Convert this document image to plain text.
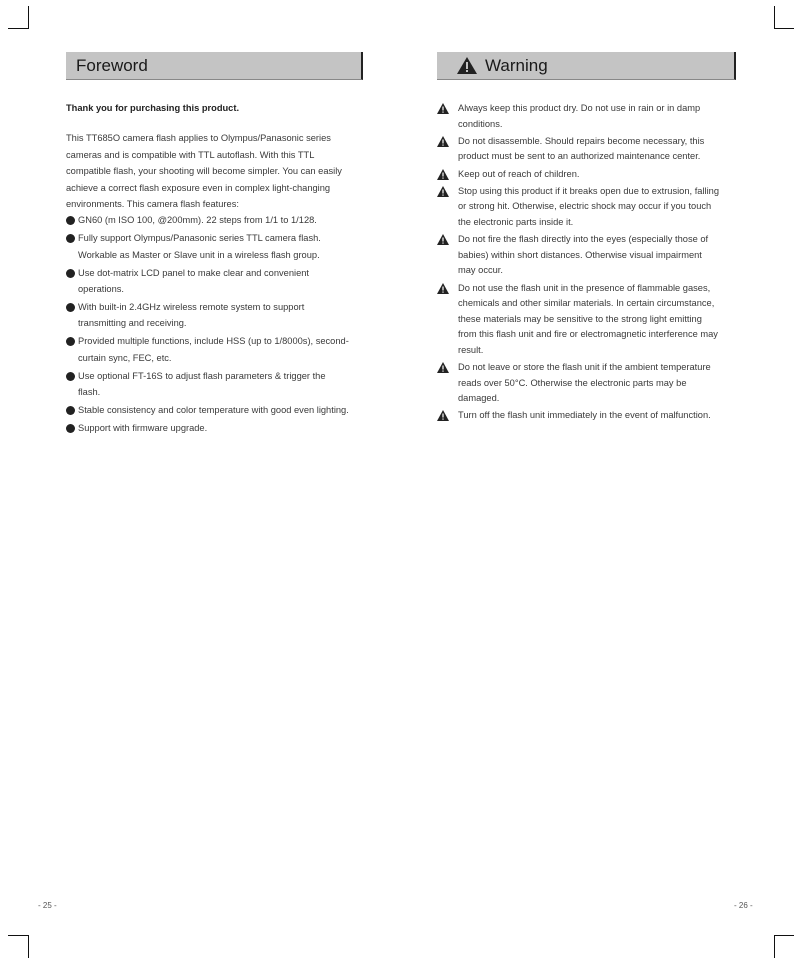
Foreword	Warning
Thank you for purchasing this product.
This TT685O camera flash applies to Olympus/Panasonic series
cameras and is compatible with TTL autoflash. With this TTL
compatible flash, your shooting will become simpler. You can easily
achieve a correct flash exposure even in complex light-changing
environments. This camera flash features:
GN60 (m ISO 100, @200mm). 22 steps from 1/1 to 1/128.
Fully support Olympus/Panasonic series TTL camera flash.
Workable as Master or Slave unit in a wireless flash group.
Use dot-matrix LCD panel to make clear and convenient
operations.
With built-in 2.4GHz wireless remote system to support
transmitting and receiving.
Provided multiple functions, include HSS (up to 1/8000s), second-
curtain sync, FEC, etc.
Use optional FT-16S to adjust flash parameters & trigger the
flash.
Stable consistency and color temperature with good even lighting.
Support with firmware upgrade.
Always keep this product dry. Do not use in rain or in damp
conditions.
Do not disassemble. Should repairs become necessary, this
product must be sent to an authorized maintenance center.
Keep out of reach of children.
Stop using this product if it breaks open due to extrusion, falling
or strong hit. Otherwise, electric shock may occur if you touch
the electronic parts inside it.
Do not fire the flash directly into the eyes (especially those of
babies) within short distances. Otherwise visual impairment
may occur.
Do not use the flash unit in the presence of flammable gases,
chemicals and other similar materials. In certain circumstance,
these materials may be sensitive to the strong light emitting
from this flash unit and fire or electromagnetic interference may
result.
Do not leave or store the flash unit if the ambient temperature
reads over 50°C. Otherwise the electronic parts may be
damaged.
Turn off the flash unit immediately in the event of malfunction.
- 25 -	- 26 -
